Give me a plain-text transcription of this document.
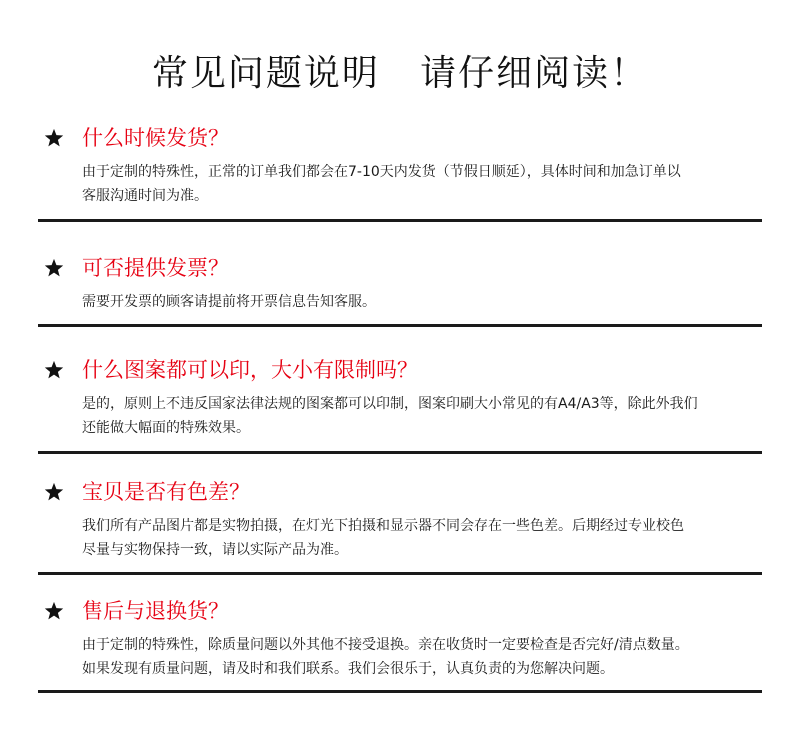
常见问题说明   请仔细阅读！
什么时候发货？
由于定制的特殊性，正常的订单我们都会在7-10天内发货（节假日顺延），具体时间和加急订单以
客服沟通时间为准。
可否提供发票？
需要开发票的顾客请提前将开票信息告知客服。
什么图案都可以印，大小有限制吗？
是的，原则上不违反国家法律法规的图案都可以印制，图案印刷大小常见的有A4/A3等，除此外我们
还能做大幅面的特殊效果。
宝贝是否有色差？
我们所有产品图片都是实物拍摄，在灯光下拍摄和显示器不同会存在一些色差。后期经过专业校色
尽量与实物保持一致，请以实际产品为准。
售后与退换货？
由于定制的特殊性，除质量问题以外其他不接受退换。亲在收货时一定要检查是否完好/清点数量。
如果发现有质量问题，请及时和我们联系。我们会很乐于，认真负责的为您解决问题。
